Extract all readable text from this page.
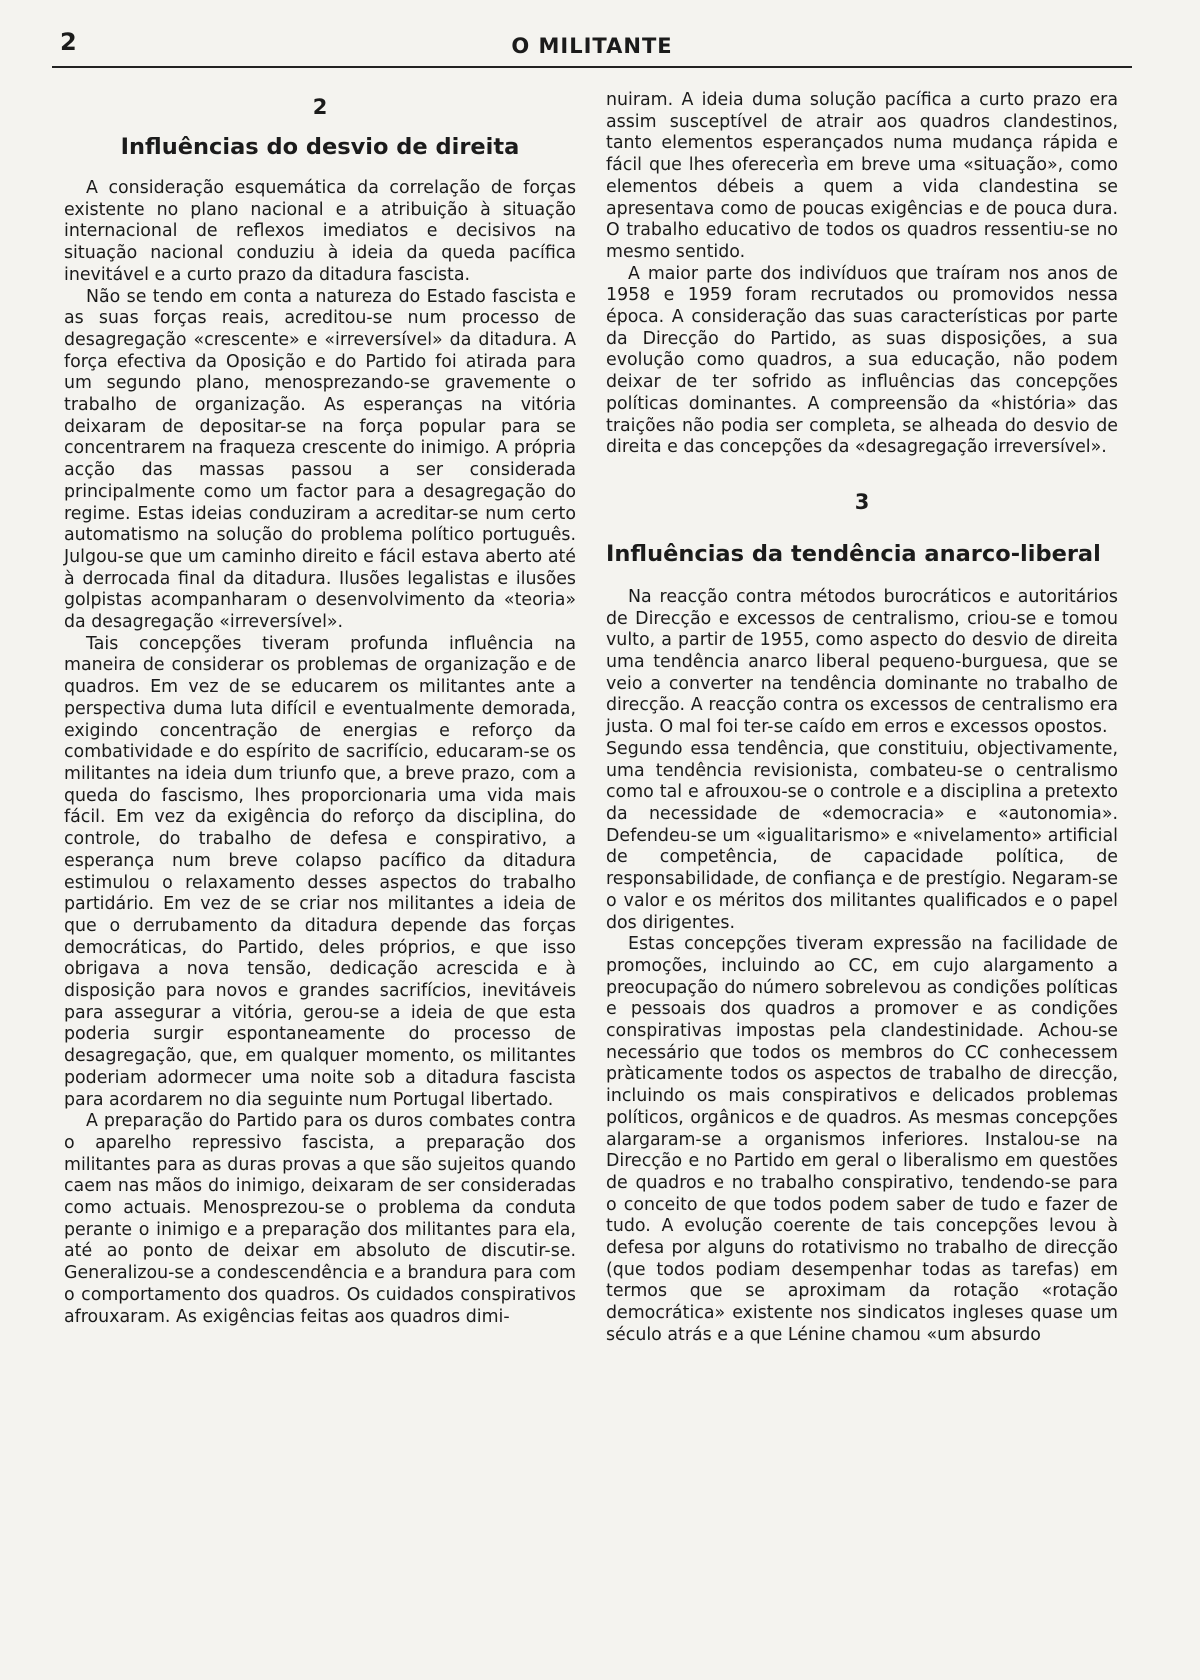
2	O MILITANTE
2
Influências do desvio de direita

A consideração esquemática da correlação de forças existente no plano nacional e a atribuição à situação internacional de reflexos imediatos e decisivos na situação nacional conduziu à ideia da queda pacífica inevitável e a curto prazo da ditadura fascista.

Não se tendo em conta a natureza do Estado fascista e as suas forças reais, acreditou-se num processo de desagregação «crescente» e «irreversível» da ditadura. A força efectiva da Oposição e do Partido foi atirada para um segundo plano, menosprezando-se gravemente o trabalho de organização. As esperanças na vitória deixaram de depositar-se na força popular para se concentrarem na fraqueza crescente do inimigo. A própria acção das massas passou a ser considerada principalmente como um factor para a desagregação do regime. Estas ideias conduziram a acreditar-se num certo automatismo na solução do problema político português. Julgou-se que um caminho direito e fácil estava aberto até à derrocada final da ditadura. Ilusões legalistas e ilusões golpistas acompanharam o desenvolvimento da «teoria» da desagregação «irreversível».

Tais concepções tiveram profunda influência na maneira de considerar os problemas de organização e de quadros. Em vez de se educarem os militantes ante a perspectiva duma luta difícil e eventualmente demorada, exigindo concentração de energias e reforço da combatividade e do espírito de sacrifício, educaram-se os militantes na ideia dum triunfo que, a breve prazo, com a queda do fascismo, lhes proporcionaria uma vida mais fácil. Em vez da exigência do reforço da disciplina, do controle, do trabalho de defesa e conspirativo, a esperança num breve colapso pacífico da ditadura estimulou o relaxamento desses aspectos do trabalho partidário. Em vez de se criar nos militantes a ideia de que o derrubamento da ditadura depende das forças democráticas, do Partido, deles próprios, e que isso obrigava a nova tensão, dedicação acrescida e à disposição para novos e grandes sacrifícios, inevitáveis para assegurar a vitória, gerou-se a ideia de que esta poderia surgir espontaneamente do processo de desagregação, que, em qualquer momento, os militantes poderiam adormecer uma noite sob a ditadura fascista para acordarem no dia seguinte num Portugal libertado.

A preparação do Partido para os duros combates contra o aparelho repressivo fascista, a preparação dos militantes para as duras provas a que são sujeitos quando caem nas mãos do inimigo, deixaram de ser consideradas como actuais. Menosprezou-se o problema da conduta perante o inimigo e a preparação dos militantes para ela, até ao ponto de deixar em absoluto de discutir-se. Generalizou-se a condescendência e a brandura para com o comportamento dos quadros. Os cuidados conspirativos afrouxaram. As exigências feitas aos quadros dimi-

nuiram. A ideia duma solução pacífica a curto prazo era assim susceptível de atrair aos quadros clandestinos, tanto elementos esperançados numa mudança rápida e fácil que lhes oferecerìa em breve uma «situação», como elementos débeis a quem a vida clandestina se apresentava como de poucas exigências e de pouca dura. O trabalho educativo de todos os quadros ressentiu-se no mesmo sentido.

A maior parte dos indivíduos que traíram nos anos de 1958 e 1959 foram recrutados ou promovidos nessa época. A consideração das suas características por parte da Direcção do Partido, as suas disposições, a sua evolução como quadros, a sua educação, não podem deixar de ter sofrido as influências das concepções políticas dominantes. A compreensão da «história» das traições não podia ser completa, se alheada do desvio de direita e das concepções da «desagregação irreversível».

3
Influências da tendência anarco-liberal

Na reacção contra métodos burocráticos e autoritários de Direcção e excessos de centralismo, criou-se e tomou vulto, a partir de 1955, como aspecto do desvio de direita uma tendência anarco liberal pequeno-burguesa, que se veio a converter na tendência dominante no trabalho de direcção. A reacção contra os excessos de centralismo era justa. O mal foi ter-se caído em erros e excessos opostos.

Segundo essa tendência, que constituiu, objectivamente, uma tendência revisionista, combateu-se o centralismo como tal e afrouxou-se o controle e a disciplina a pretexto da necessidade de «democracia» e «autonomia». Defendeu-se um «igualitarismo» e «nivelamento» artificial de competência, de capacidade política, de responsabilidade, de confiança e de prestígio. Negaram-se o valor e os méritos dos militantes qualificados e o papel dos dirigentes.

Estas concepções tiveram expressão na facilidade de promoções, incluindo ao CC, em cujo alargamento a preocupação do número sobrelevou as condições políticas e pessoais dos quadros a promover e as condições conspirativas impostas pela clandestinidade. Achou-se necessário que todos os membros do CC conhecessem pràticamente todos os aspectos de trabalho de direcção, incluindo os mais conspirativos e delicados problemas políticos, orgânicos e de quadros. As mesmas concepções alargaram-se a organismos inferiores. Instalou-se na Direcção e no Partido em geral o liberalismo em questões de quadros e no trabalho conspirativo, tendendo-se para o conceito de que todos podem saber de tudo e fazer de tudo. A evolução coerente de tais concepções levou à defesa por alguns do rotativismo no trabalho de direcção (que todos podiam desempenhar todas as tarefas) em termos que se aproximam da rotação «rotação democrática» existente nos sindicatos ingleses quase um século atrás e a que Lénine chamou «um absurdo
